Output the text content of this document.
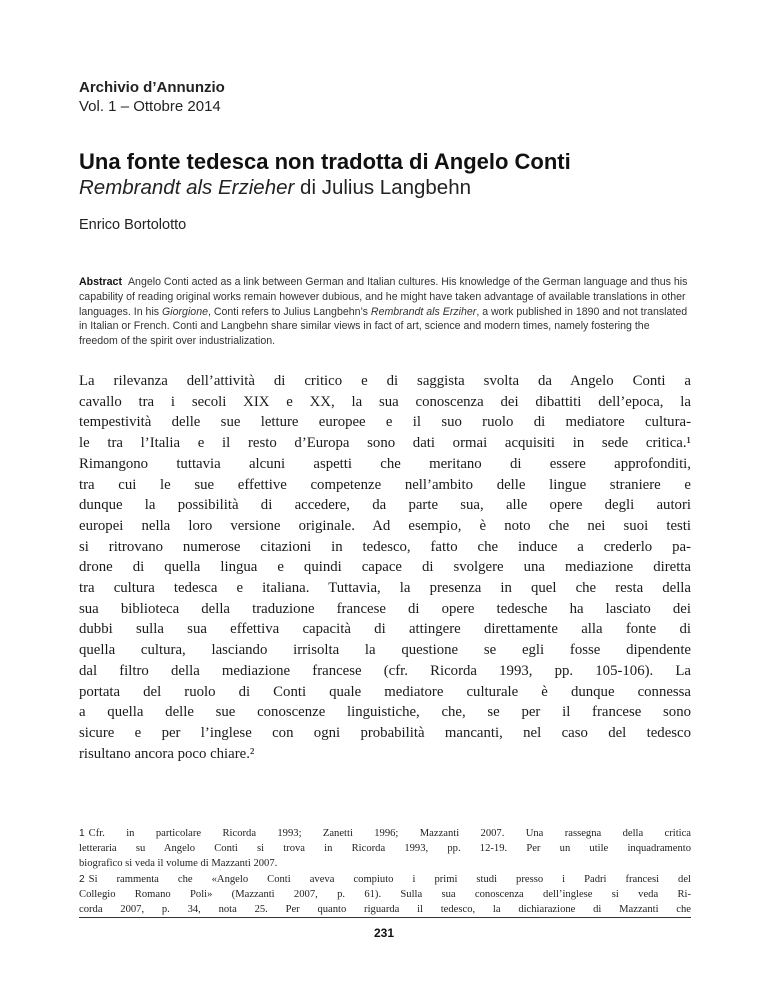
Archivio d’Annunzio
Vol. 1 – Ottobre 2014
Una fonte tedesca non tradotta di Angelo Conti
Rembrandt als Erzieher di Julius Langbehn
Enrico Bortolotto
Abstract Angelo Conti acted as a link between German and Italian cultures. His knowledge of the German language and thus his capability of reading original works remain however dubious, and he might have taken advantage of available translations in other languages. In his Giorgione, Conti refers to Julius Langbehn’s Rembrandt als Erziher, a work published in 1890 and not translated in Italian or French. Conti and Langbehn share similar views in fact of art, science and modern times, namely fostering the freedom of the spirit over industrialization.
La rilevanza dell’attività di critico e di saggista svolta da Angelo Conti a
cavallo tra i secoli XIX e XX, la sua conoscenza dei dibattiti dell’epoca, la
tempestività delle sue letture europee e il suo ruolo di mediatore cultura-
le tra l’Italia e il resto d’Europa sono dati ormai acquisiti in sede critica.¹
Rimangono tuttavia alcuni aspetti che meritano di essere approfonditi,
tra cui le sue effettive competenze nell’ambito delle lingue straniere e
dunque la possibilità di accedere, da parte sua, alle opere degli autori
europei nella loro versione originale. Ad esempio, è noto che nei suoi testi
si ritrovano numerose citazioni in tedesco, fatto che induce a crederlo pa-
drone di quella lingua e quindi capace di svolgere una mediazione diretta
tra cultura tedesca e italiana. Tuttavia, la presenza in quel che resta della
sua biblioteca della traduzione francese di opere tedesche ha lasciato dei
dubbi sulla sua effettiva capacità di attingere direttamente alla fonte di
quella cultura, lasciando irrisolta la questione se egli fosse dipendente
dal filtro della mediazione francese (cfr. Ricorda 1993, pp. 105-106). La
portata del ruolo di Conti quale mediatore culturale è dunque connessa
a quella delle sue conoscenze linguistiche, che, se per il francese sono
sicure e per l’inglese con ogni probabilità mancanti, nel caso del tedesco
risultano ancora poco chiare.²
1 Cfr. in particolare Ricorda 1993; Zanetti 1996; Mazzanti 2007. Una rassegna della critica
letteraria su Angelo Conti si trova in Ricorda 1993, pp. 12-19. Per un utile inquadramento
biografico si veda il volume di Mazzanti 2007.
2 Si rammenta che «Angelo Conti aveva compiuto i primi studi presso i Padri francesi del
Collegio Romano Poli» (Mazzanti 2007, p. 61). Sulla sua conoscenza dell’inglese si veda Ri-
corda 2007, p. 34, nota 25. Per quanto riguarda il tedesco, la dichiarazione di Mazzanti che
231
